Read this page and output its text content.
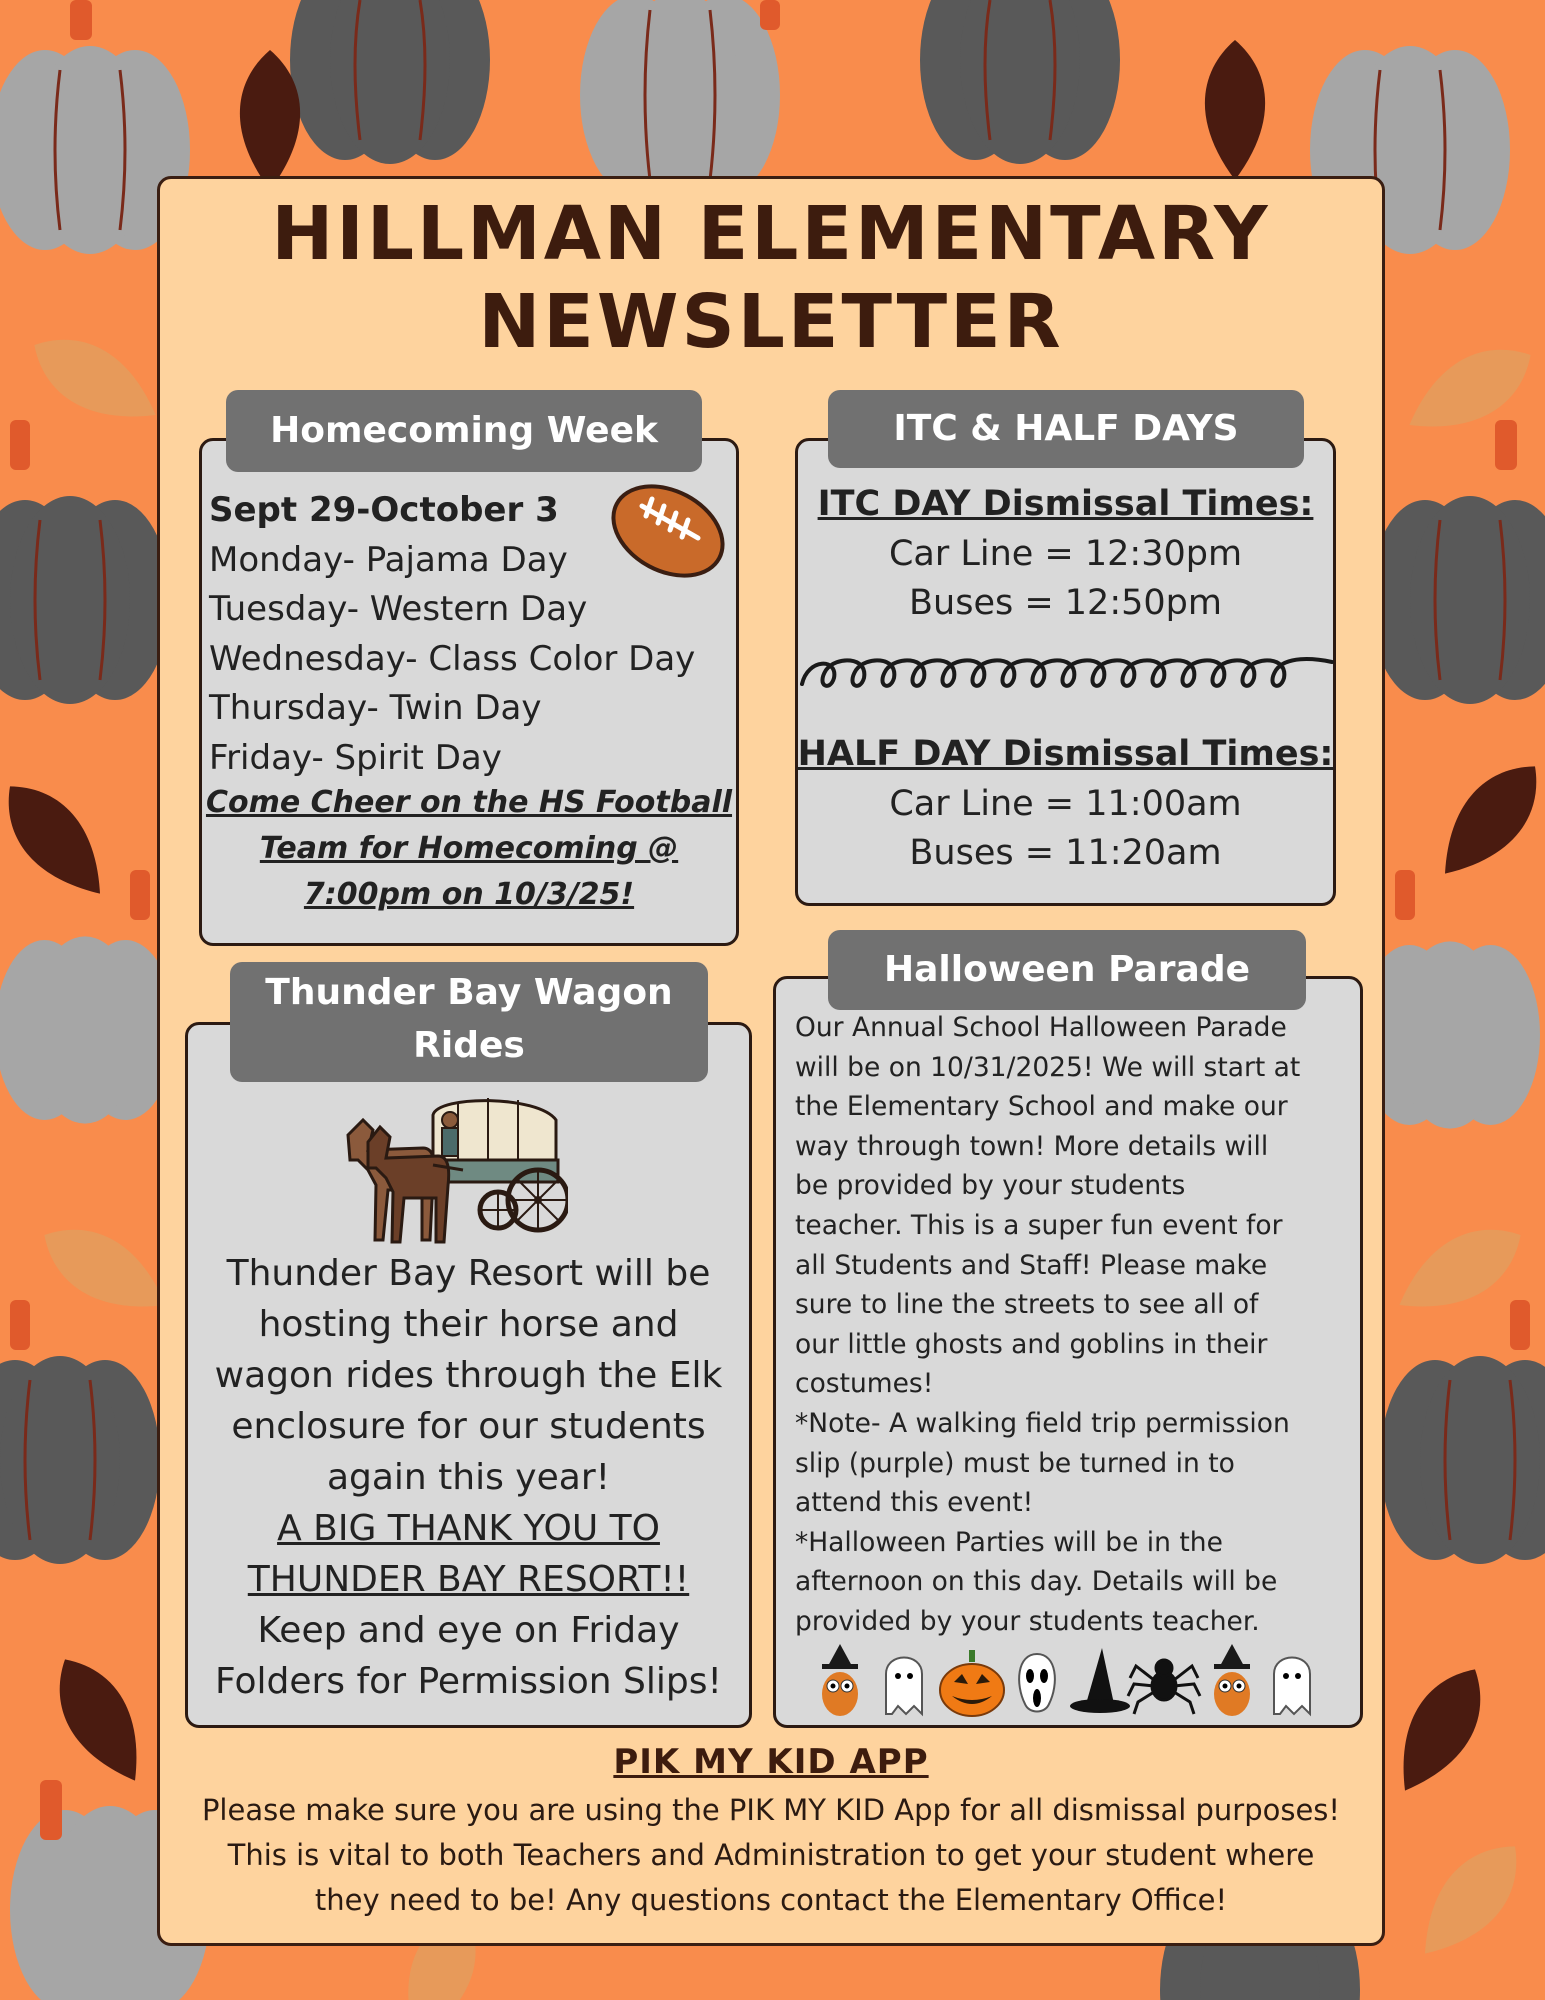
HILLMAN ELEMENTARY
NEWSLETTER
Homecoming Week
Sept 29-October 3
Monday- Pajama Day
Tuesday- Western Day
Wednesday- Class Color Day
Thursday- Twin Day
Friday- Spirit Day
Come Cheer on the HS Football
Team for Homecoming @
7:00pm on 10/3/25!
ITC & HALF DAYS
ITC DAY Dismissal Times:
Car Line = 12:30pm
Buses = 12:50pm
HALF DAY Dismissal Times:
Car Line = 11:00am
Buses = 11:20am
Thunder Bay Wagon
Rides
Thunder Bay Resort will be
hosting their horse and
wagon rides through the Elk
enclosure for our students
again this year!
A BIG THANK YOU TO
THUNDER BAY RESORT!!
Keep and eye on Friday
Folders for Permission Slips!
Halloween Parade
Our Annual School Halloween Parade
will be on 10/31/2025! We will start at
the Elementary School and make our
way through town! More details will
be provided by your students
teacher. This is a super fun event for
all Students and Staff! Please make
sure to line the streets to see all of
our little ghosts and goblins in their
costumes!
*Note- A walking field trip permission
slip (purple) must be turned in to
attend this event!
*Halloween Parties will be in the
afternoon on this day. Details will be
provided by your students teacher.
PIK MY KID APP
Please make sure you are using the PIK MY KID App for all dismissal purposes!
This is vital to both Teachers and Administration to get your student where
they need to be! Any questions contact the Elementary Office!
